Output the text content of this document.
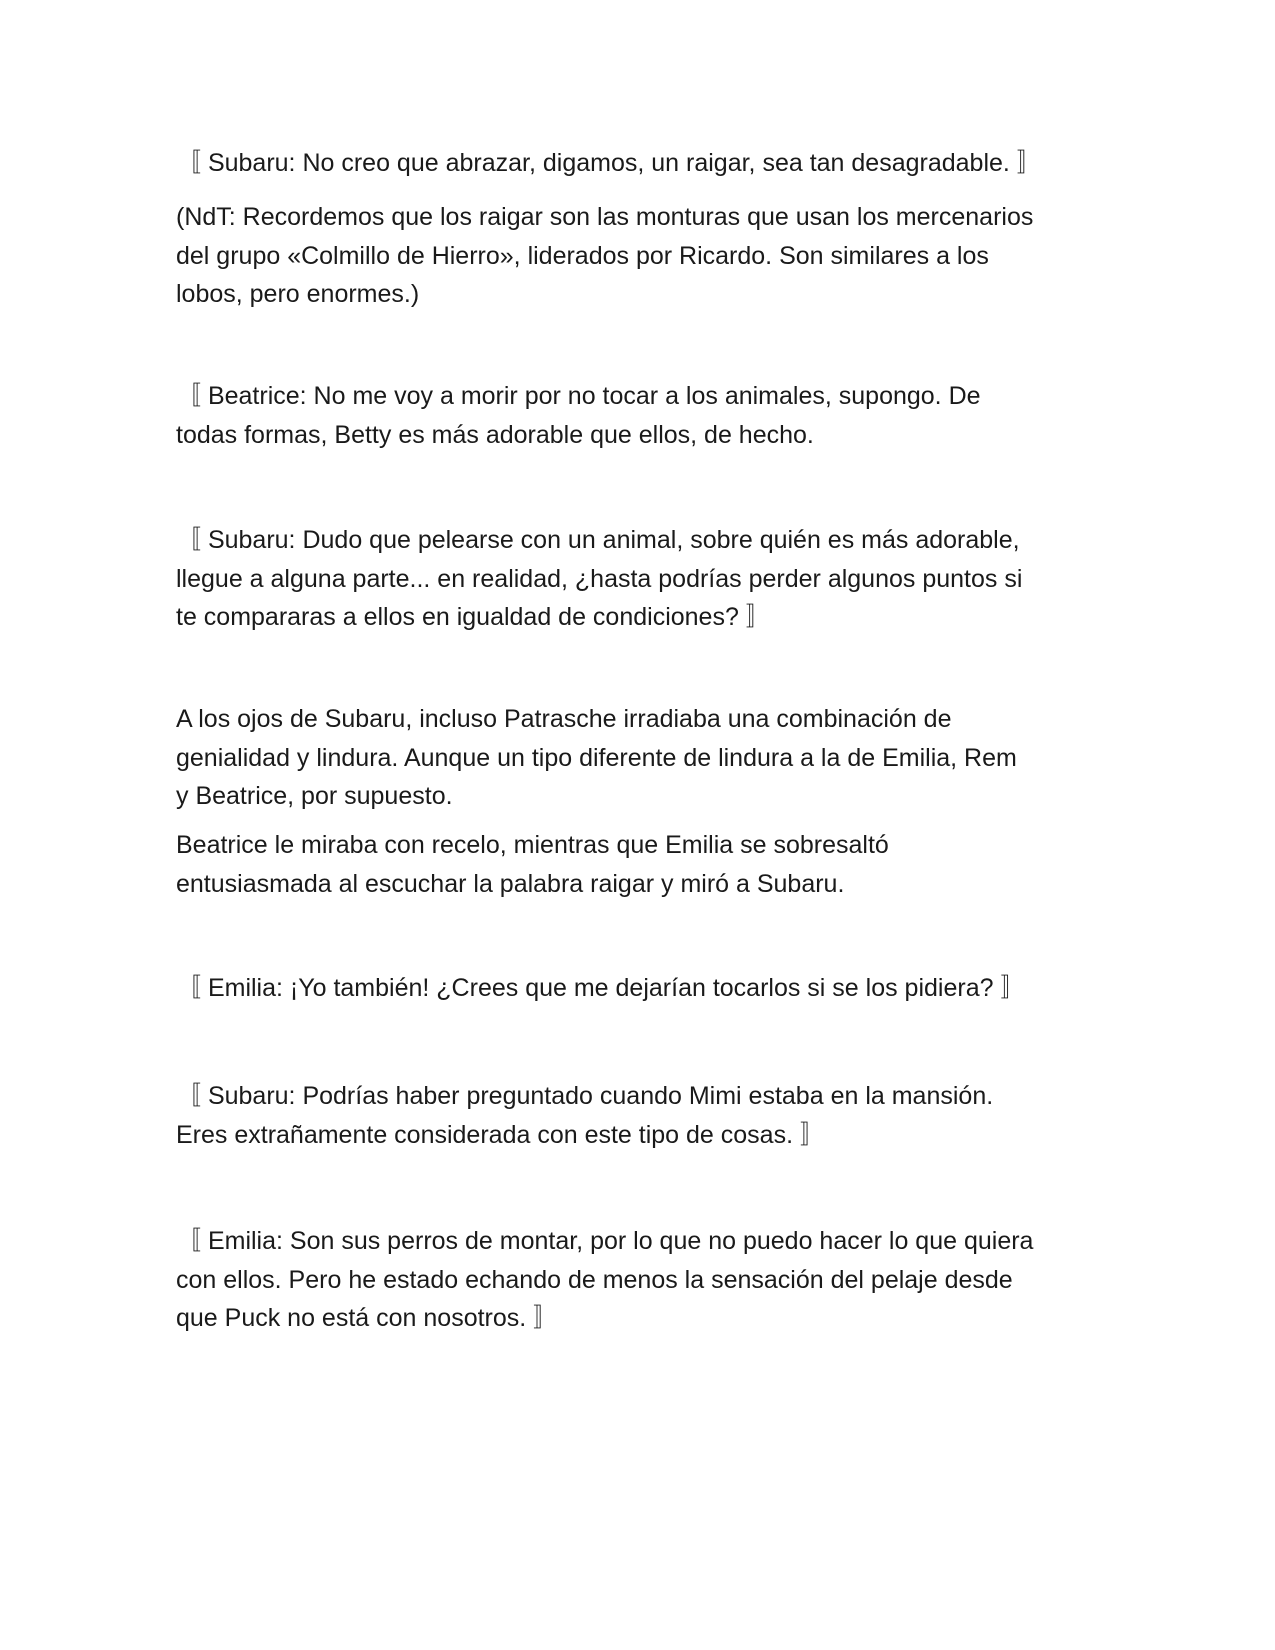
〚 Subaru: No creo que abrazar, digamos, un raigar, sea tan desagradable. 〛

(NdT: Recordemos que los raigar son las monturas que usan los mercenarios
del grupo «Colmillo de Hierro», liderados por Ricardo. Son similares a los
lobos, pero enormes.)

〚 Beatrice: No me voy a morir por no tocar a los animales, supongo. De
todas formas, Betty es más adorable que ellos, de hecho.

〚 Subaru: Dudo que pelearse con un animal, sobre quién es más adorable,
llegue a alguna parte... en realidad, ¿hasta podrías perder algunos puntos si
te compararas a ellos en igualdad de condiciones? 〛

A los ojos de Subaru, incluso Patrasche irradiaba una combinación de
genialidad y lindura. Aunque un tipo diferente de lindura a la de Emilia, Rem
y Beatrice, por supuesto.

Beatrice le miraba con recelo, mientras que Emilia se sobresaltó
entusiasmada al escuchar la palabra raigar y miró a Subaru.

〚 Emilia: ¡Yo también! ¿Crees que me dejarían tocarlos si se los pidiera? 〛

〚 Subaru: Podrías haber preguntado cuando Mimi estaba en la mansión.
Eres extrañamente considerada con este tipo de cosas. 〛

〚 Emilia: Son sus perros de montar, por lo que no puedo hacer lo que quiera
con ellos. Pero he estado echando de menos la sensación del pelaje desde
que Puck no está con nosotros. 〛
